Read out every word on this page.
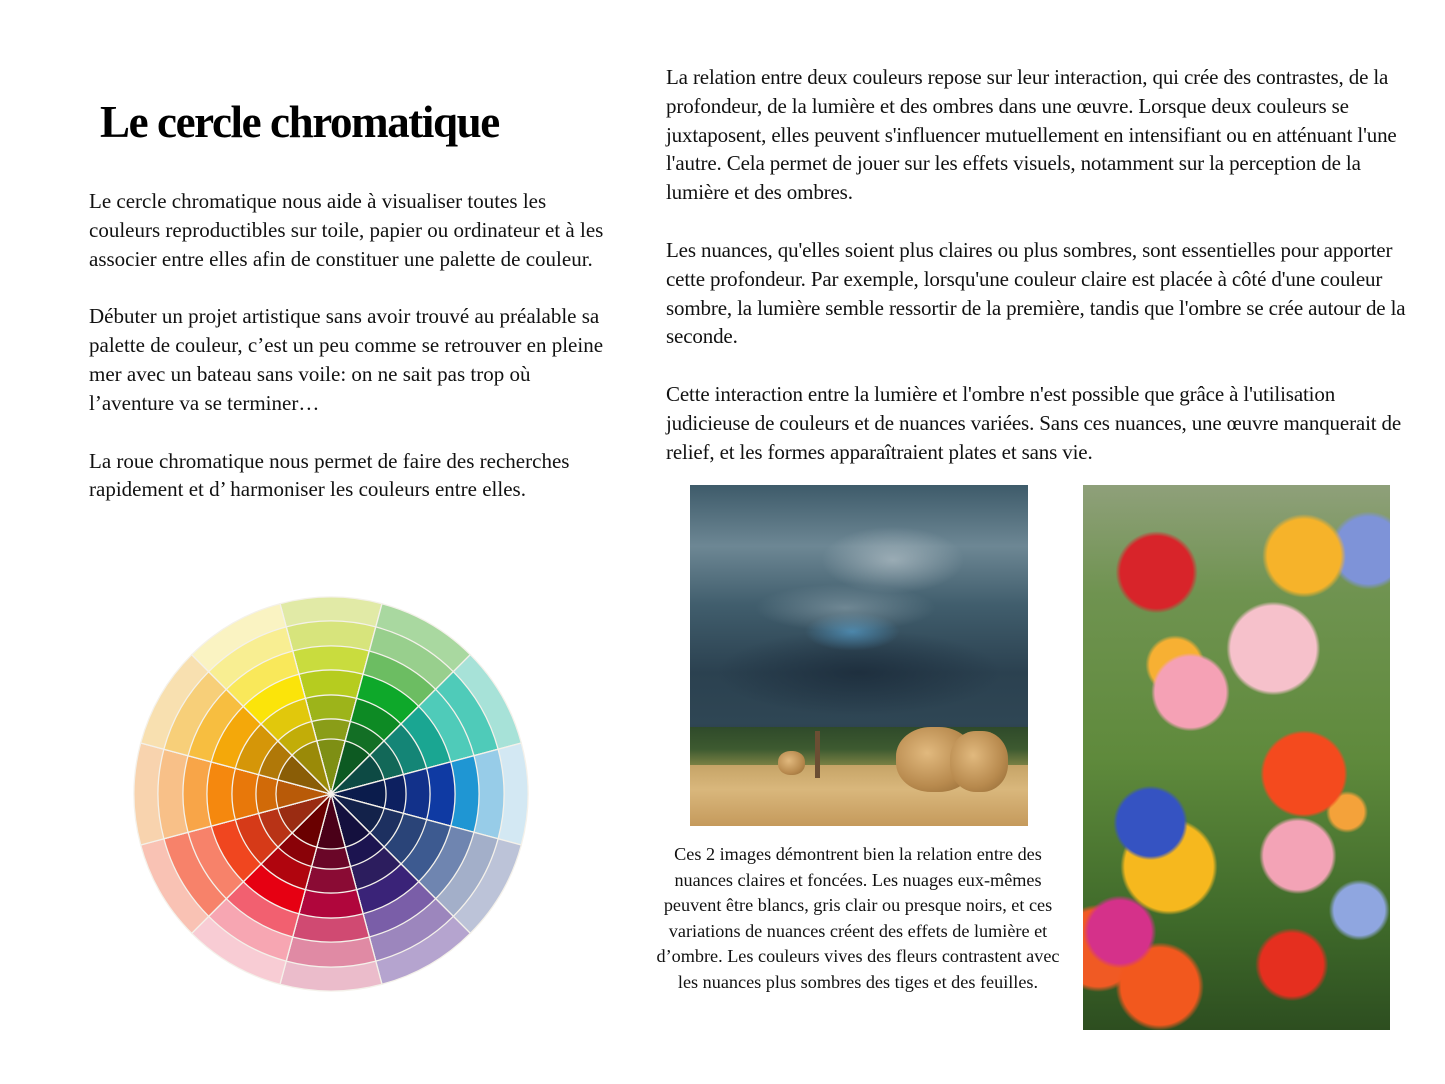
Le cercle chromatique

Le cercle chromatique nous aide à visualiser toutes les couleurs reproductibles sur toile, papier ou ordinateur et à les associer entre elles afin de constituer une palette de couleur.

Débuter un projet artistique sans avoir trouvé au préalable sa palette de couleur, c’est un peu comme se retrouver en pleine mer avec un bateau sans voile: on ne sait pas trop où l’aventure va se terminer…

La roue chromatique nous permet de faire des recherches rapidement et d’ harmoniser les couleurs entre elles.

La relation entre deux couleurs repose sur leur interaction, qui crée des contrastes, de la profondeur, de la lumière et des ombres dans une œuvre. Lorsque deux couleurs se juxtaposent, elles peuvent s'influencer mutuellement en intensifiant ou en atténuant l'une l'autre. Cela permet de jouer sur les effets visuels, notamment sur la perception de la lumière et des ombres.

Les nuances, qu'elles soient plus claires ou plus sombres, sont essentielles pour apporter cette profondeur. Par exemple, lorsqu'une couleur claire est placée à côté d'une couleur sombre, la lumière semble ressortir de la première, tandis que l'ombre se crée autour de la seconde.

Cette interaction entre la lumière et l'ombre n'est possible que grâce à l'utilisation judicieuse de couleurs et de nuances variées. Sans ces nuances, une œuvre manquerait de relief, et les formes apparaîtraient plates et sans vie.

Ces 2 images démontrent bien la relation entre des nuances claires et foncées. Les nuages eux-mêmes peuvent être blancs, gris clair ou presque noirs, et ces variations de nuances créent des effets de lumière et d’ombre. Les couleurs vives des fleurs contrastent avec les nuances plus sombres des tiges et des feuilles.
